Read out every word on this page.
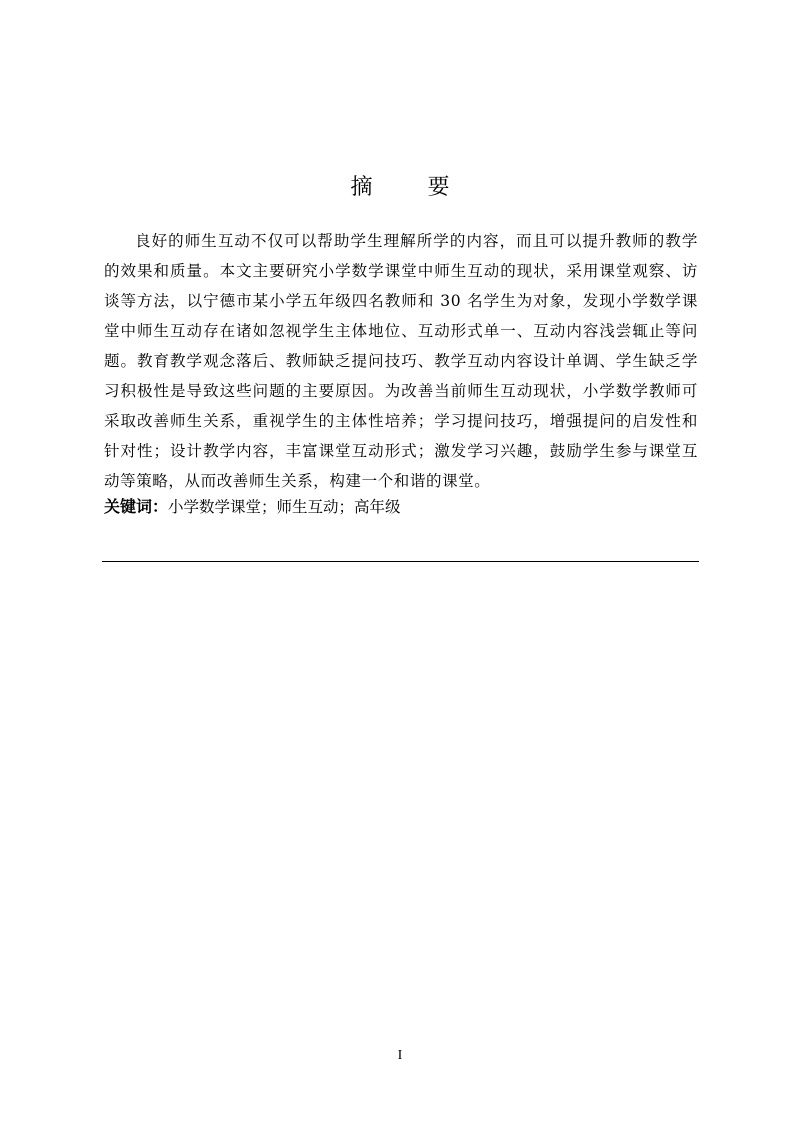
摘 要

良好的师生互动不仅可以帮助学生理解所学的内容，而且可以提升教师的教学的效果和质量。本文主要研究小学数学课堂中师生互动的现状，采用课堂观察、访谈等方法，以宁德市某小学五年级四名教师和 30 名学生为对象，发现小学数学课堂中师生互动存在诸如忽视学生主体地位、互动形式单一、互动内容浅尝辄止等问题。教育教学观念落后、教师缺乏提问技巧、教学互动内容设计单调、学生缺乏学习积极性是导致这些问题的主要原因。为改善当前师生互动现状，小学数学教师可采取改善师生关系，重视学生的主体性培养；学习提问技巧，增强提问的启发性和针对性；设计教学内容，丰富课堂互动形式；激发学习兴趣，鼓励学生参与课堂互动等策略，从而改善师生关系，构建一个和谐的课堂。

关键词：小学数学课堂；师生互动；高年级
I
